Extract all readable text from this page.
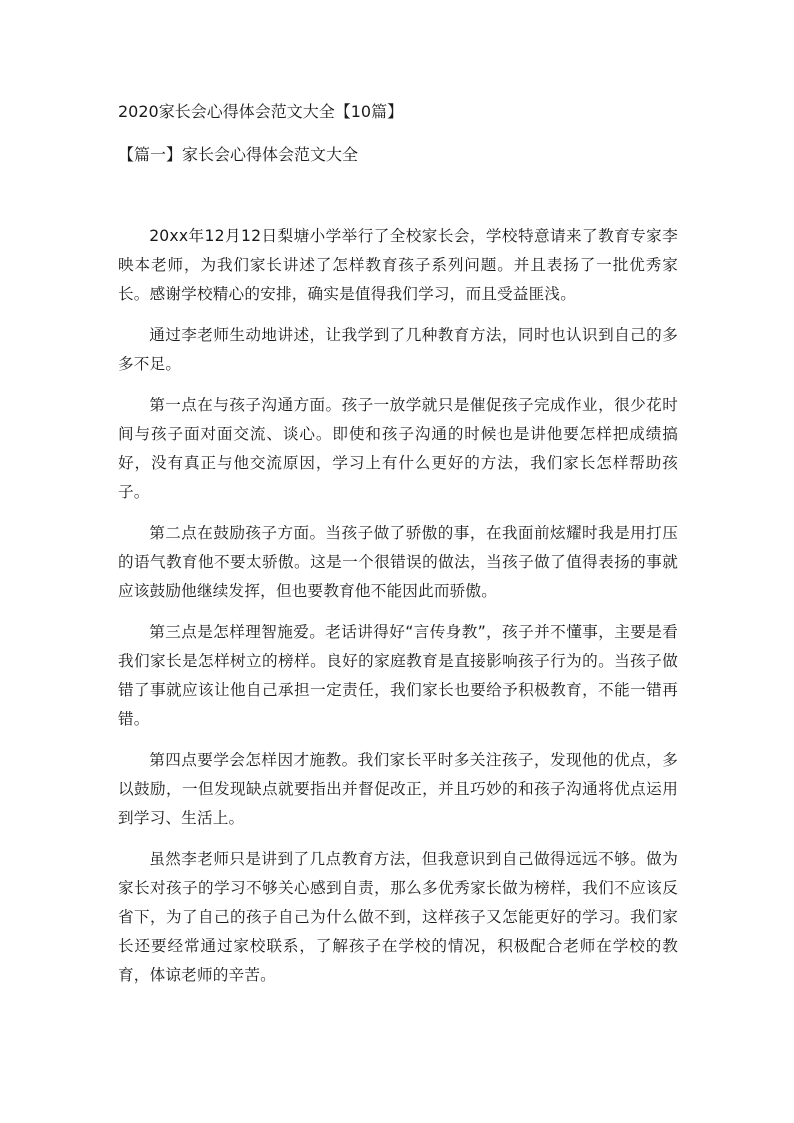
2020家长会心得体会范文大全【10篇】
【篇一】家长会心得体会范文大全

20xx年12月12日梨塘小学举行了全校家长会，学校特意请来了教育专家李映本老师，为我们家长讲述了怎样教育孩子系列问题。并且表扬了一批优秀家长。感谢学校精心的安排，确实是值得我们学习，而且受益匪浅。

通过李老师生动地讲述，让我学到了几种教育方法，同时也认识到自己的多多不足。

第一点在与孩子沟通方面。孩子一放学就只是催促孩子完成作业，很少花时间与孩子面对面交流、谈心。即使和孩子沟通的时候也是讲他要怎样把成绩搞好，没有真正与他交流原因，学习上有什么更好的方法，我们家长怎样帮助孩子。

第二点在鼓励孩子方面。当孩子做了骄傲的事，在我面前炫耀时我是用打压的语气教育他不要太骄傲。这是一个很错误的做法，当孩子做了值得表扬的事就应该鼓励他继续发挥，但也要教育他不能因此而骄傲。

第三点是怎样理智施爱。老话讲得好“言传身教”，孩子并不懂事，主要是看我们家长是怎样树立的榜样。良好的家庭教育是直接影响孩子行为的。当孩子做错了事就应该让他自己承担一定责任，我们家长也要给予积极教育，不能一错再错。

第四点要学会怎样因才施教。我们家长平时多关注孩子，发现他的优点，多以鼓励，一但发现缺点就要指出并督促改正，并且巧妙的和孩子沟通将优点运用到学习、生活上。

虽然李老师只是讲到了几点教育方法，但我意识到自己做得远远不够。做为家长对孩子的学习不够关心感到自责，那么多优秀家长做为榜样，我们不应该反省下，为了自己的孩子自己为什么做不到，这样孩子又怎能更好的学习。我们家长还要经常通过家校联系，了解孩子在学校的情况，积极配合老师在学校的教育，体谅老师的辛苦。
